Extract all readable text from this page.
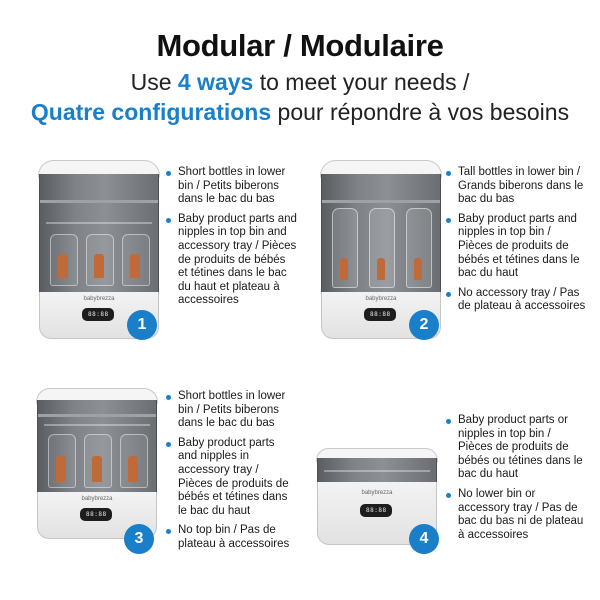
Modular / Modulaire
Use 4 ways to meet your needs /
Quatre configurations pour répondre à vos besoins
babybrezza
88:88
1
Short bottles in lower bin / Petits biberons dans le bac du bas
Baby product parts and nipples in top bin and accessory tray / Pièces de produits de bébés et tétines dans le bac du haut et plateau à accessoires	babybrezza
88:88
2
Tall bottles in lower bin / Grands biberons dans le bac du bas
Baby product parts and nipples in top bin / Pièces de produits de bébés et tétines dans le bac du haut
No accessory tray / Pas de plateau à accessoires
babybrezza
88:88
3
Short bottles in lower bin / Petits biberons dans le bac du bas
Baby product parts and nipples in accessory tray / Pièces de produits de bébés et tétines dans le bac du haut
No top bin / Pas de plateau à accessoires
babybrezza
88:88
4
Baby product parts or nipples in top bin / Pièces de produits de bébés ou tétines dans le bac du haut
No lower bin or accessory tray / Pas de bac du bas ni de plateau à accessoires
